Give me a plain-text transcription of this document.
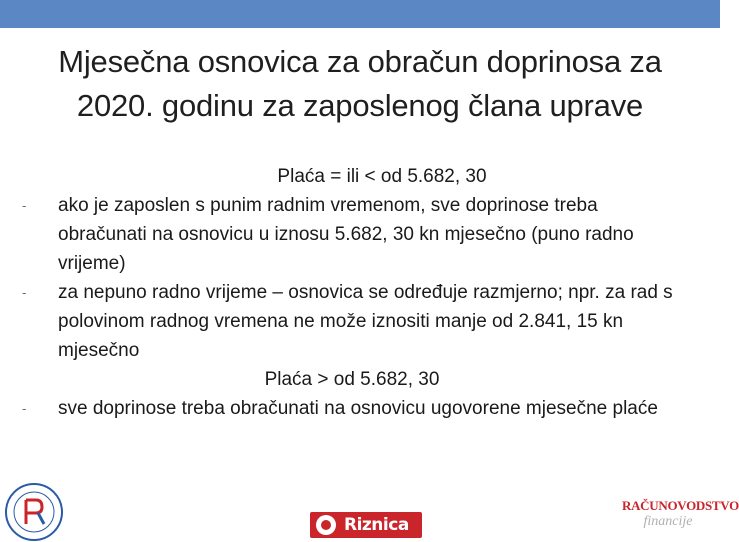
Mjesečna osnovica za obračun doprinosa za
2020. godinu za zaposlenog člana uprave
Plaća = ili < od 5.682, 30
-	ako je zaposlen s punim radnim vremenom, sve doprinose treba obračunati na osnovicu u iznosu 5.682, 30 kn mjesečno (puno radno vrijeme)
-	za nepuno radno vrijeme – osnovica se određuje razmjerno; npr. za rad s polovinom radnog vremena ne može iznositi manje od 2.841, 15 kn mjesečno
Plaća > od 5.682, 30
-	sve doprinose treba obračunati na osnovicu ugovorene mjesečne plaće
Riznica
RAČUNOVODSTVO
financije
